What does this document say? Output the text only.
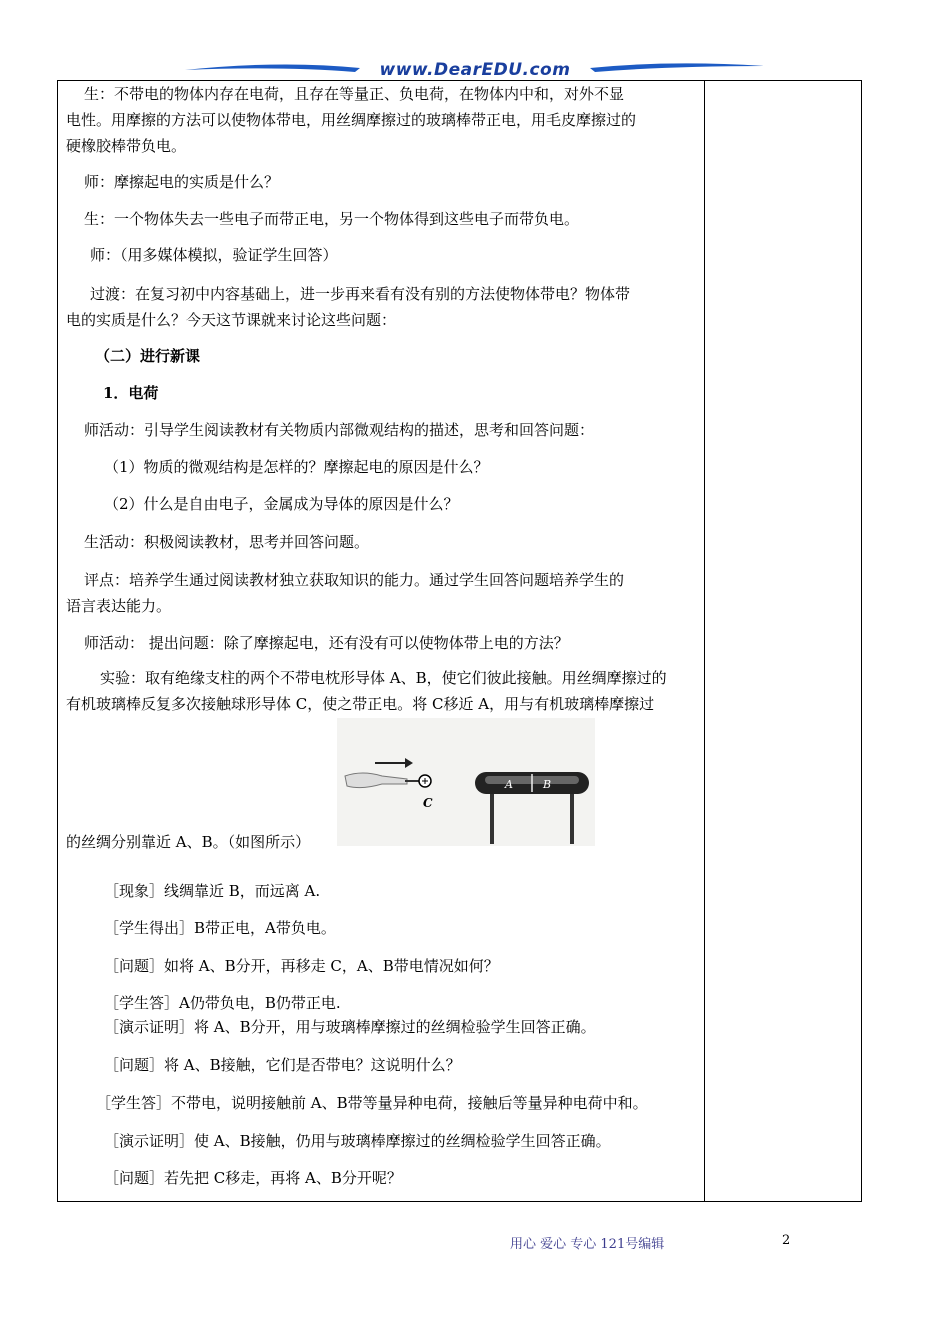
www.DearEDU.com
生：不带电的物体内存在电荷，且存在等量正、负电荷，在物体内中和，对外不显
电性。用摩擦的方法可以使物体带电，用丝绸摩擦过的玻璃棒带正电，用毛皮摩擦过的
硬橡胶棒带负电。
师：摩擦起电的实质是什么？
生：一个物体失去一些电子而带正电，另一个物体得到这些电子而带负电。
师：（用多媒体模拟，验证学生回答）
过渡：在复习初中内容基础上，进一步再来看有没有别的方法使物体带电？物体带
电的实质是什么？今天这节课就来讨论这些问题：
（二）进行新课
1．电荷
师活动：引导学生阅读教材有关物质内部微观结构的描述，思考和回答问题：
（1）物质的微观结构是怎样的？摩擦起电的原因是什么？
（2）什么是自由电子，金属成为导体的原因是什么？
生活动：积极阅读教材，思考并回答问题。
评点：培养学生通过阅读教材独立获取知识的能力。通过学生回答问题培养学生的
语言表达能力。
师活动： 提出问题：除了摩擦起电，还有没有可以使物体带上电的方法？
实验：取有绝缘支柱的两个不带电枕形导体 A、B，使它们彼此接触。用丝绸摩擦过的
有机玻璃棒反复多次接触球形导体 C，使之带正电。将 C移近 A，用与有机玻璃棒摩擦过
C
A	B
的丝绸分别靠近 A、B。（如图所示）
［现象］线绸靠近 B，而远离 A.
［学生得出］B带正电，A带负电。
［问题］如将 A、B分开，再移走 C，A、B带电情况如何？
［学生答］A仍带负电，B仍带正电.
［演示证明］将 A、B分开，用与玻璃棒摩擦过的丝绸检验学生回答正确。
［问题］将 A、B接触，它们是否带电？这说明什么？
［学生答］不带电，说明接触前 A、B带等量异种电荷，接触后等量异种电荷中和。
［演示证明］使 A、B接触，仍用与玻璃棒摩擦过的丝绸检验学生回答正确。
［问题］若先把 C移走，再将 A、B分开呢？
用心 爱心 专心 121号编辑	2
